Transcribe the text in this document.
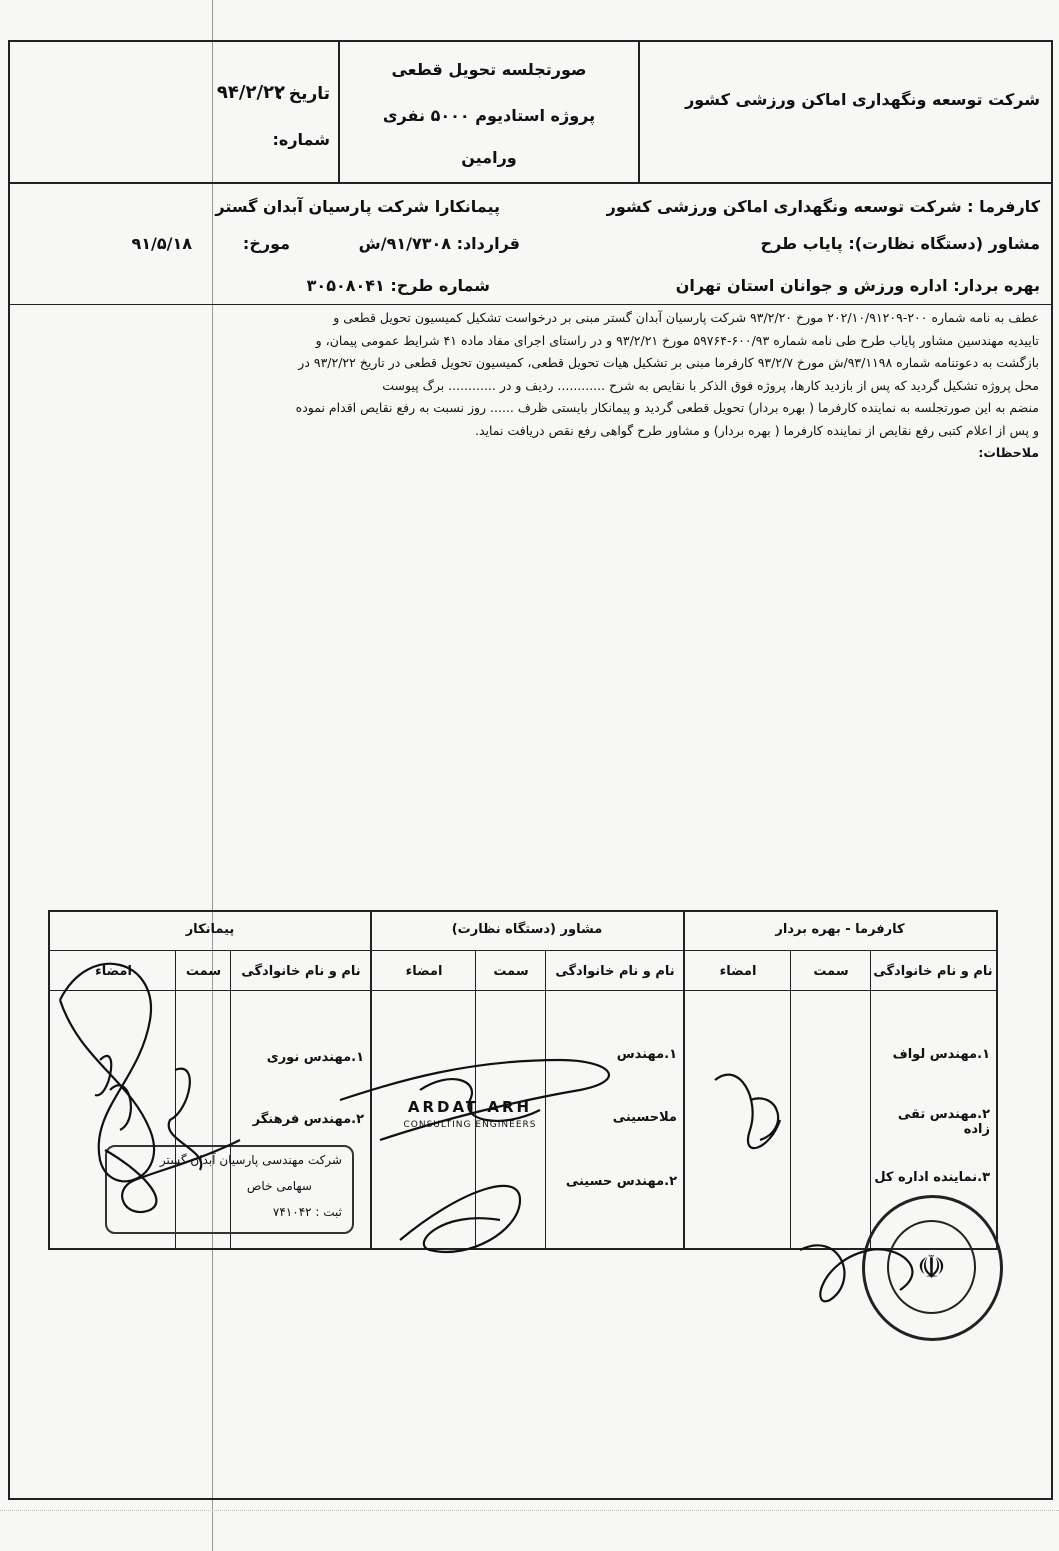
شرکت توسعه ونگهداری اماکن ورزشی کشور
صورتجلسه تحویل قطعی
پروژه استادیوم ۵۰۰۰ نفری
ورامین
تاریخ :
۹۴/۲/۲۲
شماره:
کارفرما : شرکت توسعه ونگهداری اماکن ورزشی کشور
پیمانکارا شرکت پارسیان آبدان گستر
مشاور (دستگاه نظارت): پایاب طرح
قرارداد: ۹۱/۷۳۰۸/ش
مورخ:
۹۱/۵/۱۸
بهره بردار: اداره ورزش و جوانان استان تهران
شماره طرح: ۳۰۵۰۸۰۴۱

عطف به نامه شماره ۲۰۰-۲۰۲/۱۰/۹۱۲۰۹ مورخ ۹۳/۲/۲۰ شرکت پارسیان آبدان گستر مبنی بر درخواست تشکیل کمیسیون تحویل قطعی و

تاییدیه مهندسین مشاور پایاب طرح طی نامه شماره ۶۰۰/۹۳-۵۹۷۶۴ مورخ ۹۳/۲/۲۱ و در راستای اجرای مفاد ماده ۴۱ شرایط عمومی پیمان، و

بازگشت به دعوتنامه شماره ۹۳/۱۱۹۸/ش مورخ ۹۳/۲/۷ کارفرما مبنی بر تشکیل هیات تحویل قطعی، کمیسیون تحویل قطعی در تاریخ ۹۳/۲/۲۲ در

محل پروژه تشکیل گردید که پس از بازدید کارها، پروژه فوق الذکر با نقایص به شرح ............ ردیف و در ............ برگ پیوست

منضم به این صورتجلسه به نماینده کارفرما ( بهره بردار) تحویل قطعی گردید و پیمانکار بایستی ظرف ...... روز نسبت به رفع نقایص اقدام نموده

و پس از اعلام کتبی رفع نقایص از نماینده کارفرما ( بهره بردار) و مشاور طرح گواهی رفع نقص دریافت نماید.

ملاحظات:

کارفرما - بهره بردار
مشاور (دستگاه نظارت)
پیمانکار
نام و نام خانوادگی
سمت
امضاء
نام و نام خانوادگی
سمت
امضاء
نام و نام خانوادگی
سمت
امضاء
۱.مهندس لواف
۲.مهندس تقی زاده
۳.نماینده اداره کل
۱.مهندس
ملاحسینی
۲.مهندس حسینی
۱.مهندس نوری
۲.مهندس فرهنگر
ARDAT ARH
CONSULTING ENGINEERS
شرکت مهندسی پارسیان آبدان گستر
سهامی خاص
ثبت : ۷۴۱۰۴۲
☫
